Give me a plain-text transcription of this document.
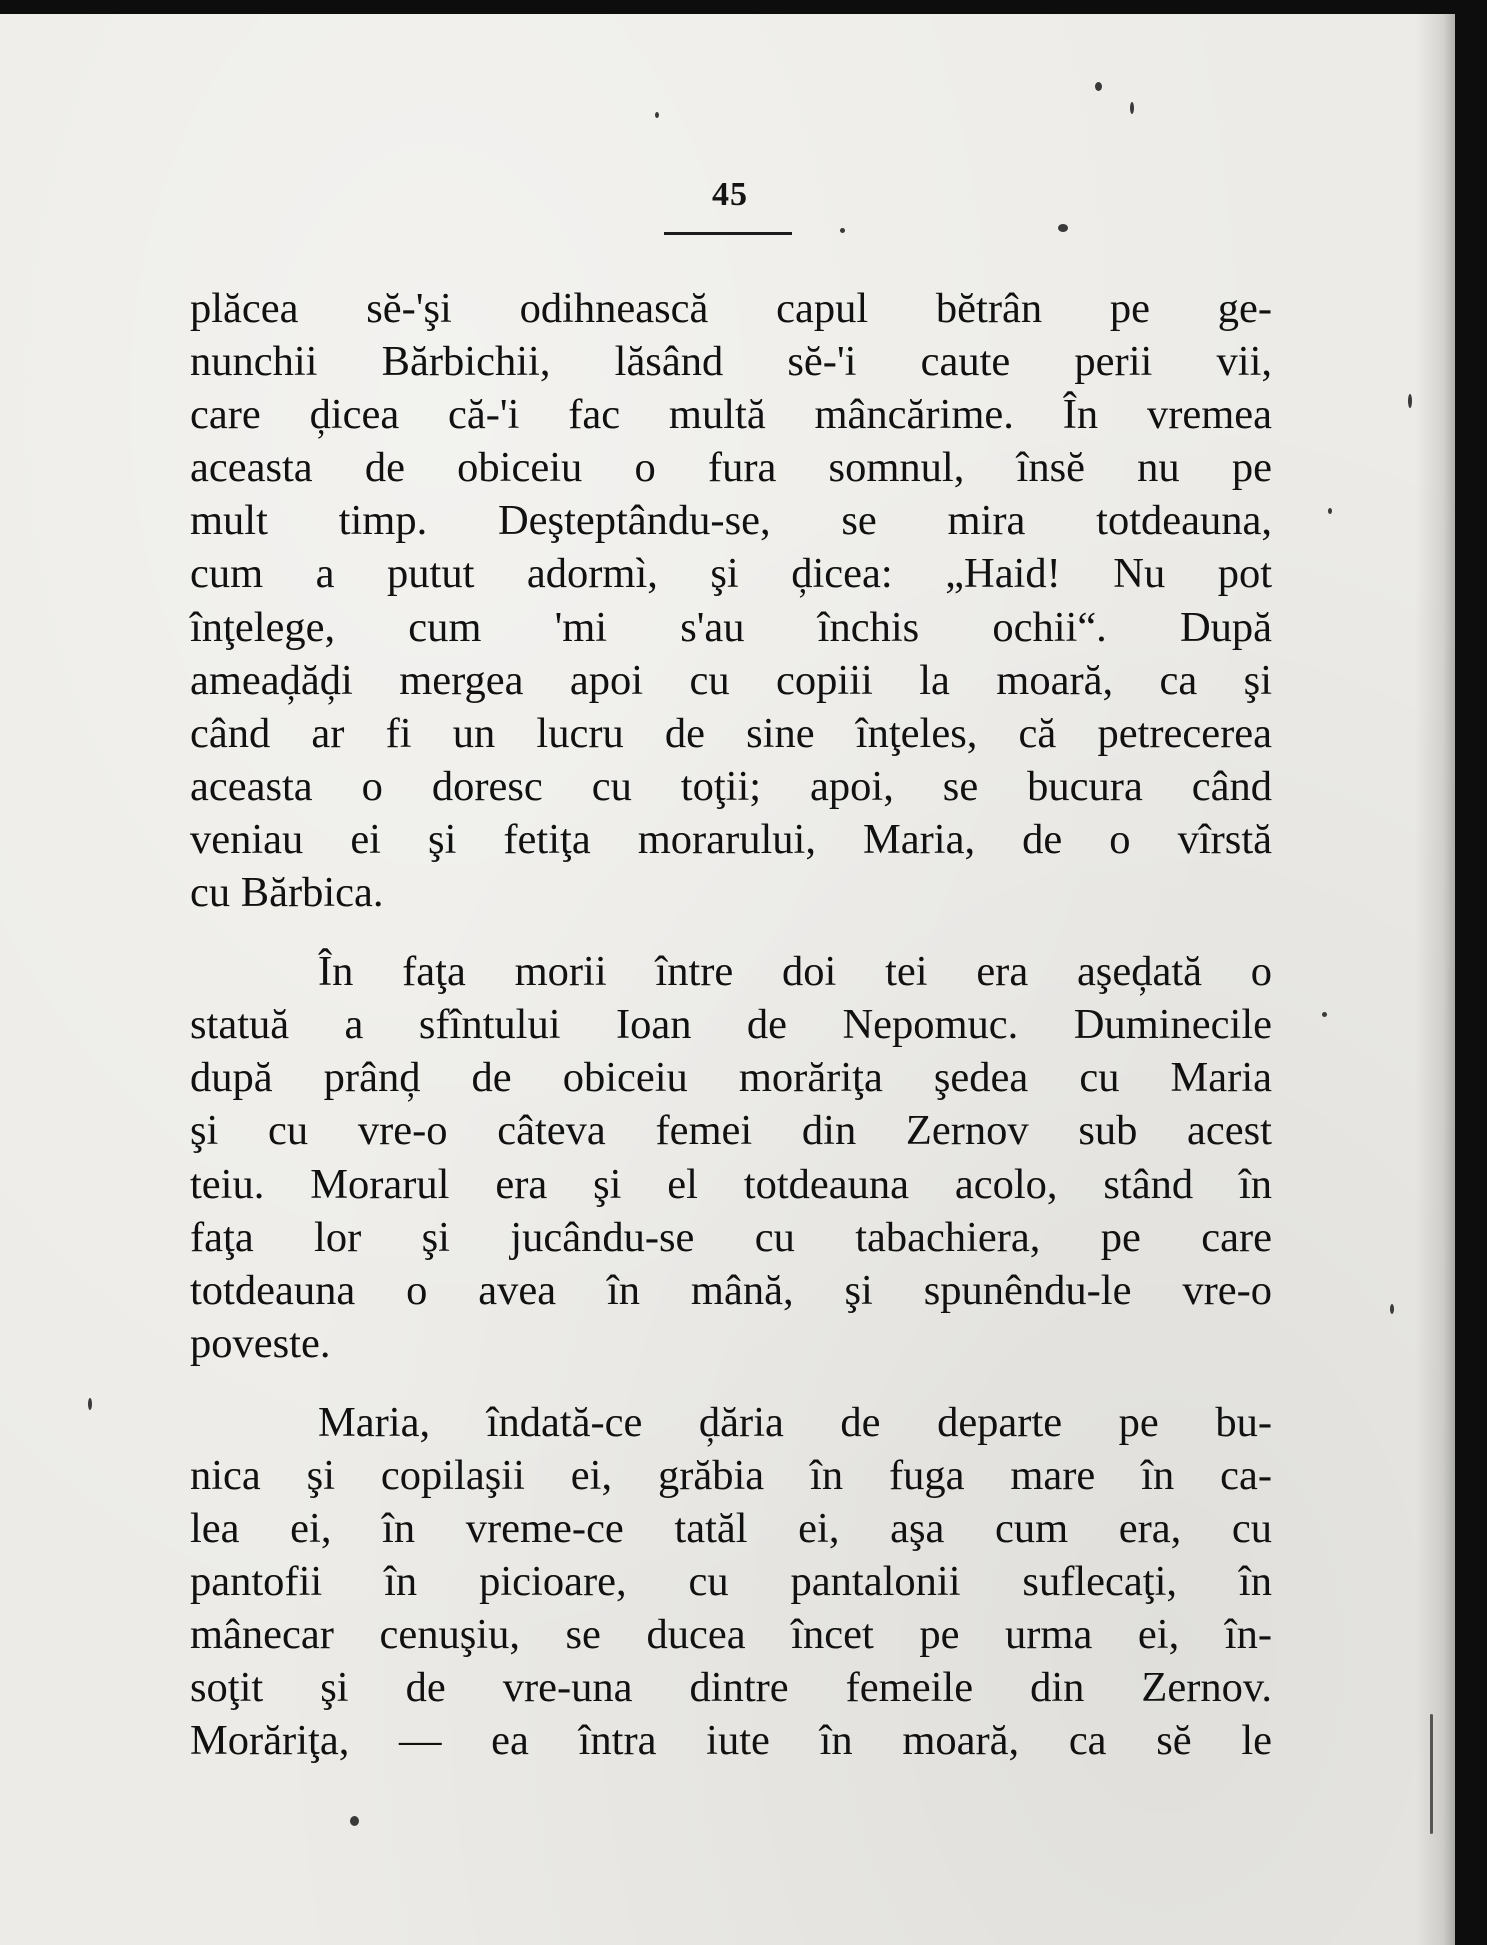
45

plăcea sĕ-'şi odihnească capul bĕtrân pe ge-
nunchii Bărbichii, lăsând sĕ-'i caute perii vii,
care ḑicea că-'i fac multă mâncărime. În vremea
aceasta de obiceiu o fura somnul, însĕ nu pe
mult timp. Deşteptându-se, se mira totdeauna,
cum a putut adormì, şi ḑicea: „Haid! Nu pot
înţelege, cum 'mi s'au închis ochii“. După
ameaḑăḑi mergea apoi cu copiii la moară, ca şi
când ar fi un lucru de sine înţeles, că petrecerea
aceasta o doresc cu toţii; apoi, se bucura când
veniau ei şi fetiţa morarului, Maria, de o vîrstă
cu Bărbica.

În faţa morii între doi tei era aşeḑată o
statuă a sfîntului Ioan de Nepomuc. Duminecile
după prânḑ de obiceiu morăriţa şedea cu Maria
şi cu vre-o câteva femei din Zernov sub acest
teiu. Morarul era şi el totdeauna acolo, stând în
faţa lor şi jucându-se cu tabachiera, pe care
totdeauna o avea în mână, şi spunêndu-le vre-o
poveste.

Maria, îndată-ce ḑăria de departe pe bu-
nica şi copilaşii ei, grăbia în fuga mare în ca-
lea ei, în vreme-ce tatăl ei, aşa cum era, cu
pantofii în picioare, cu pantalonii suflecaţi, în
mânecar cenuşiu, se ducea încet pe urma ei, în-
soţit şi de vre-una dintre femeile din Zernov.
Morăriţa, — ea întra iute în moară, ca sĕ le
